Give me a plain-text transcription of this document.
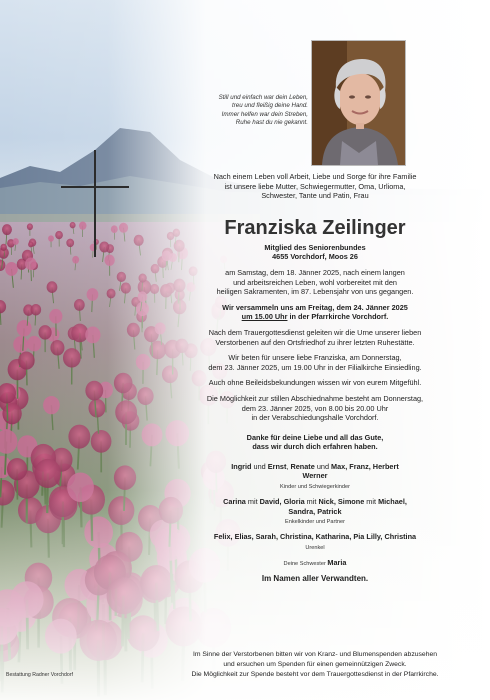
Still und einfach war dein Leben,
treu und fleißig deine Hand.
Immer helfen war dein Streben,
Ruhe hast du nie gekannt.

Nach einem Leben voll Arbeit, Liebe und Sorge für ihre Familie
ist unsere liebe Mutter, Schwiegermutter, Oma, Urlioma,
Schwester, Tante und Patin, Frau

Franziska Zeilinger

Mitglied des Seniorenbundes

4655 Vorchdorf, Moos 26

am Samstag, dem 18. Jänner 2025, nach einem langen
und arbeitsreichen Leben, wohl vorbereitet mit den
heiligen Sakramenten, im 87. Lebensjahr von uns gegangen.

Wir versammeln uns am Freitag, dem 24. Jänner 2025
um 15.00 Uhr in der Pfarrkirche Vorchdorf.

Nach dem Trauergottesdienst geleiten wir die Urne unserer lieben
Verstorbenen auf den Ortsfriedhof zu ihrer letzten Ruhestätte.

Wir beten für unsere liebe Franziska, am Donnerstag,
dem 23. Jänner 2025, um 19.00 Uhr in der Filialkirche Einsiedling.

Auch ohne Beileidsbekundungen wissen wir von eurem Mitgefühl.

Die Möglichkeit zur stillen Abschiednahme besteht am Donnerstag,
dem 23. Jänner 2025, von 8.00 bis 20.00 Uhr
in der Verabschiedungshalle Vorchdorf.

Danke für deine Liebe und all das Gute,
dass wir durch dich erfahren haben.

Ingrid und Ernst, Renate und Max, Franz, Herbert
Werner
Kinder und Schwiegerkinder

Carina mit David, Gloria mit Nick, Simone mit Michael,
Sandra, Patrick
Enkelkinder und Partner

Felix, Elias, Sarah, Christina, Katharina, Pia Lilly, Christina
Urenkel

Deine Schwester Maria

Im Namen aller Verwandten.

Im Sinne der Verstorbenen bitten wir von Kranz- und Blumenspenden abzusehen
und ersuchen um Spenden für einen gemeinnützigen Zweck.
Die Möglichkeit zur Spende besteht vor dem Trauergottesdienst in der Pfarrkirche.
Bestattung Radner Vorchdorf
